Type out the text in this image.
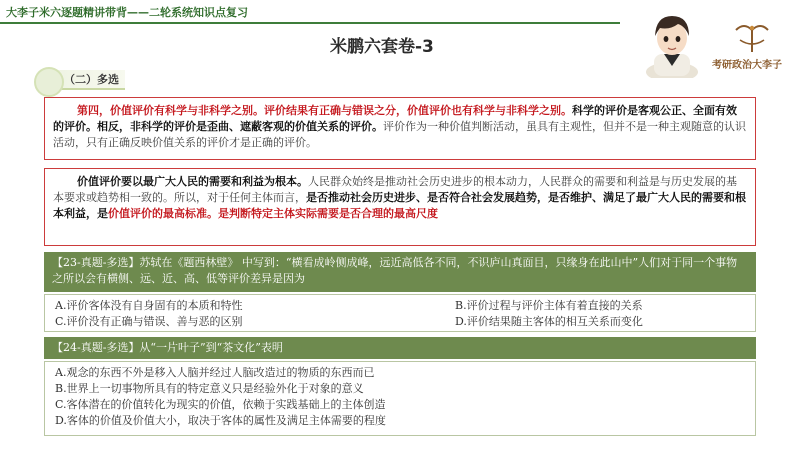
大李子米六逐题精讲带背——二轮系统知识点复习
米鹏六套卷-3
考研政治大李子
（二）多选
第四，价值评价有科学与非科学之别。评价结果有正确与错误之分，价值评价也有科学与非科学之别。科学的评价是客观公正、全面有效的评价。相反，非科学的评价是歪曲、遮蔽客观的价值关系的评价。评价作为一种价值判断活动，虽具有主观性，但并不是一种主观随意的认识活动，只有正确反映价值关系的评价才是正确的评价。
价值评价要以最广大人民的需要和利益为根本。人民群众始终是推动社会历史进步的根本动力，人民群众的需要和利益是与历史发展的基本要求或趋势相一致的。所以，对于任何主体而言，是否推动社会历史进步、是否符合社会发展趋势，是否维护、满足了最广大人民的需要和根本利益，是价值评价的最高标准。是判断特定主体实际需要是否合理的最高尺度
【23-真题-多选】苏轼在《题西林壁》 中写到：“横看成岭侧成峰，远近高低各不同，不识庐山真面目，只缘身在此山中”人们对于同一个事物之所以会有横侧、远、近、高、低等评价差异是因为
A.评价客体没有自身固有的本质和特性	B.评价过程与评价主体有着直接的关系
C.评价没有正确与错误、善与恶的区别	D.评价结果随主客体的相互关系而变化
【24-真题-多选】从“一片叶子”到“茶文化”表明
A.观念的东西不外是移入人脑并经过人脑改造过的物质的东西而已
B.世界上一切事物所具有的特定意义只是经验外化于对象的意义
C.客体潜在的价值转化为现实的价值，依赖于实践基础上的主体创造
D.客体的价值及价值大小，取决于客体的属性及满足主体需要的程度
